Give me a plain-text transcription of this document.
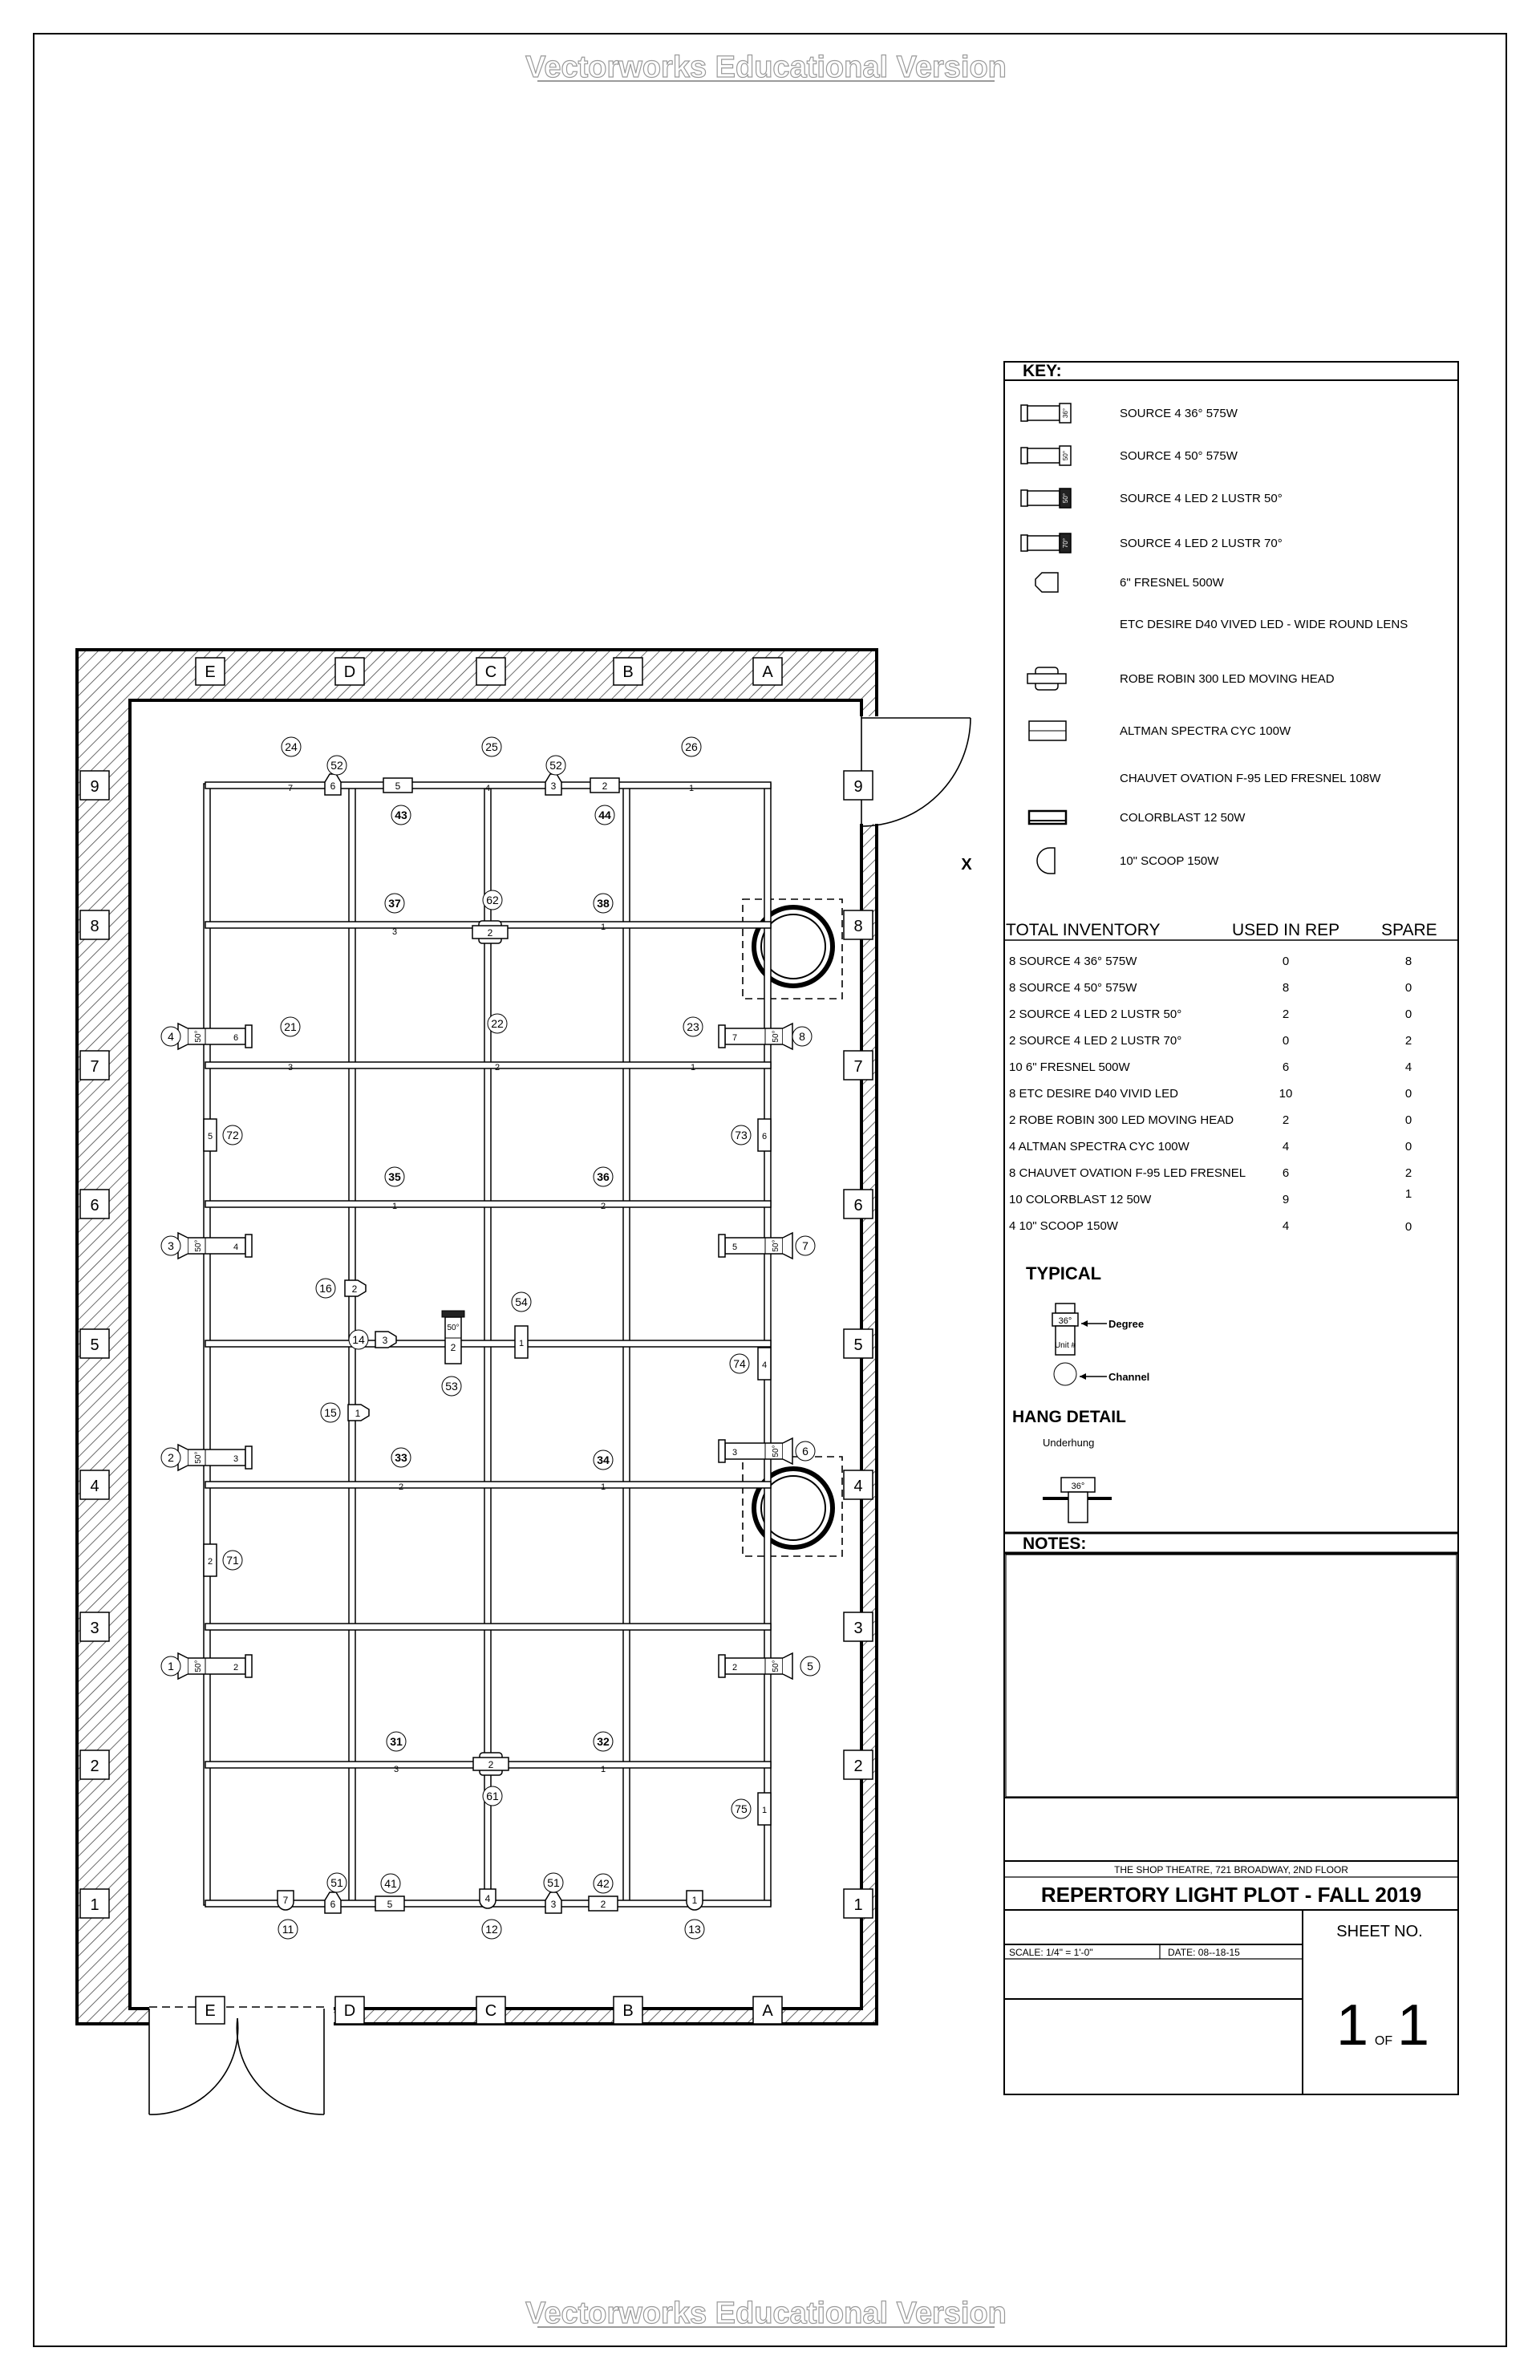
Vectorworks Educational Version
Vectorworks Educational Version
E	D	C	B	A
E	D	C	B	A
9
8
7
6
5
4
3
2
1
9
8
7
6
5
4
3
2
1
7
24
6
52
5
43
4
25
3
52
2
44
1
26
3
37
2
62
1
38
50°	6
4
3
21
2
22
1
23
50°
7	8
5 72	6
73
1
35
2
36
50°	4
3	50°
5	7
2
16
1
54
3
14
50°
2
53
4
74
1
15
50°	3
2
2
33
1
34
50°
3	6
2 71
50°	2
1	50°
2	5
3
31
1
32
2
61
1
75
6
51
5
41
3
51
2
42
7
11
4
12
1
13
X
KEY:
36°	SOURCE 4 36° 575W
50°	SOURCE 4 50° 575W
50°	SOURCE 4 LED 2 LUSTR 50°
70°	SOURCE 4 LED 2 LUSTR 70°
6" FRESNEL 500W
ETC DESIRE D40 VIVED LED - WIDE ROUND LENS
ROBE ROBIN 300 LED MOVING HEAD
ALTMAN SPECTRA CYC 100W
CHAUVET OVATION F-95 LED FRESNEL 108W
COLORBLAST 12 50W
10" SCOOP 150W
TOTAL INVENTORY	USED IN REP SPARE
8 SOURCE 4 36° 575W	0	8
8 SOURCE 4 50° 575W	8	0
2 SOURCE 4 LED 2 LUSTR 50°	2	0
2 SOURCE 4 LED 2 LUSTR 70°	0	2
10 6" FRESNEL 500W	6	4
8 ETC DESIRE D40 VIVID LED	10	0
2 ROBE ROBIN 300 LED MOVING HEAD	2	0
4 ALTMAN SPECTRA CYC 100W	4	0
8 CHAUVET OVATION F-95 LED FRESNEL	6	2
10 COLORBLAST 12 50W	9	1
4 10" SCOOP 150W	4	0
TYPICAL
36°
Unit #
Degree
Channel
HANG DETAIL
Underhung
36°
NOTES:
THE SHOP THEATRE, 721 BROADWAY, 2ND FLOOR
REPERTORY LIGHT PLOT - FALL 2019
SHEET NO.
SCALE: 1/4" = 1'-0"	DATE: 08--18-15
1 OF 1
